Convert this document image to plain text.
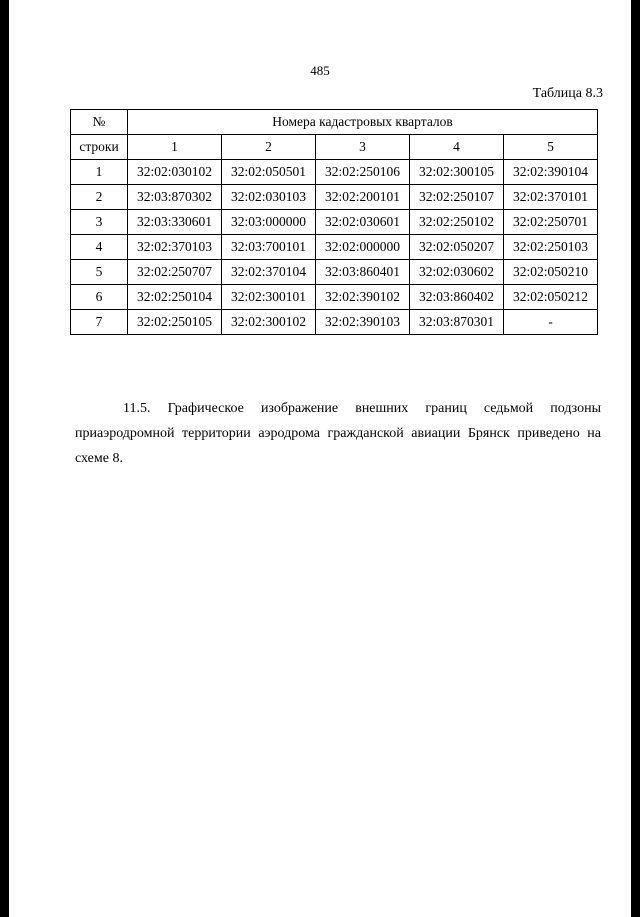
485
Таблица 8.3
№	Номера кадастровых кварталов				
строки	1	2	3	4	5
1	32:02:030102	32:02:050501	32:02:250106	32:02:300105	32:02:390104
2	32:03:870302	32:02:030103	32:02:200101	32:02:250107	32:02:370101
3	32:03:330601	32:03:000000	32:02:030601	32:02:250102	32:02:250701
4	32:02:370103	32:03:700101	32:02:000000	32:02:050207	32:02:250103
5	32:02:250707	32:02:370104	32:03:860401	32:02:030602	32:02:050210
6	32:02:250104	32:02:300101	32:02:390102	32:03:860402	32:02:050212
7	32:02:250105	32:02:300102	32:02:390103	32:03:870301	-
11.5. Графическое изображение внешних границ седьмой подзоны
приаэродромной территории аэродрома гражданской авиации Брянск приведено на
схеме 8.
